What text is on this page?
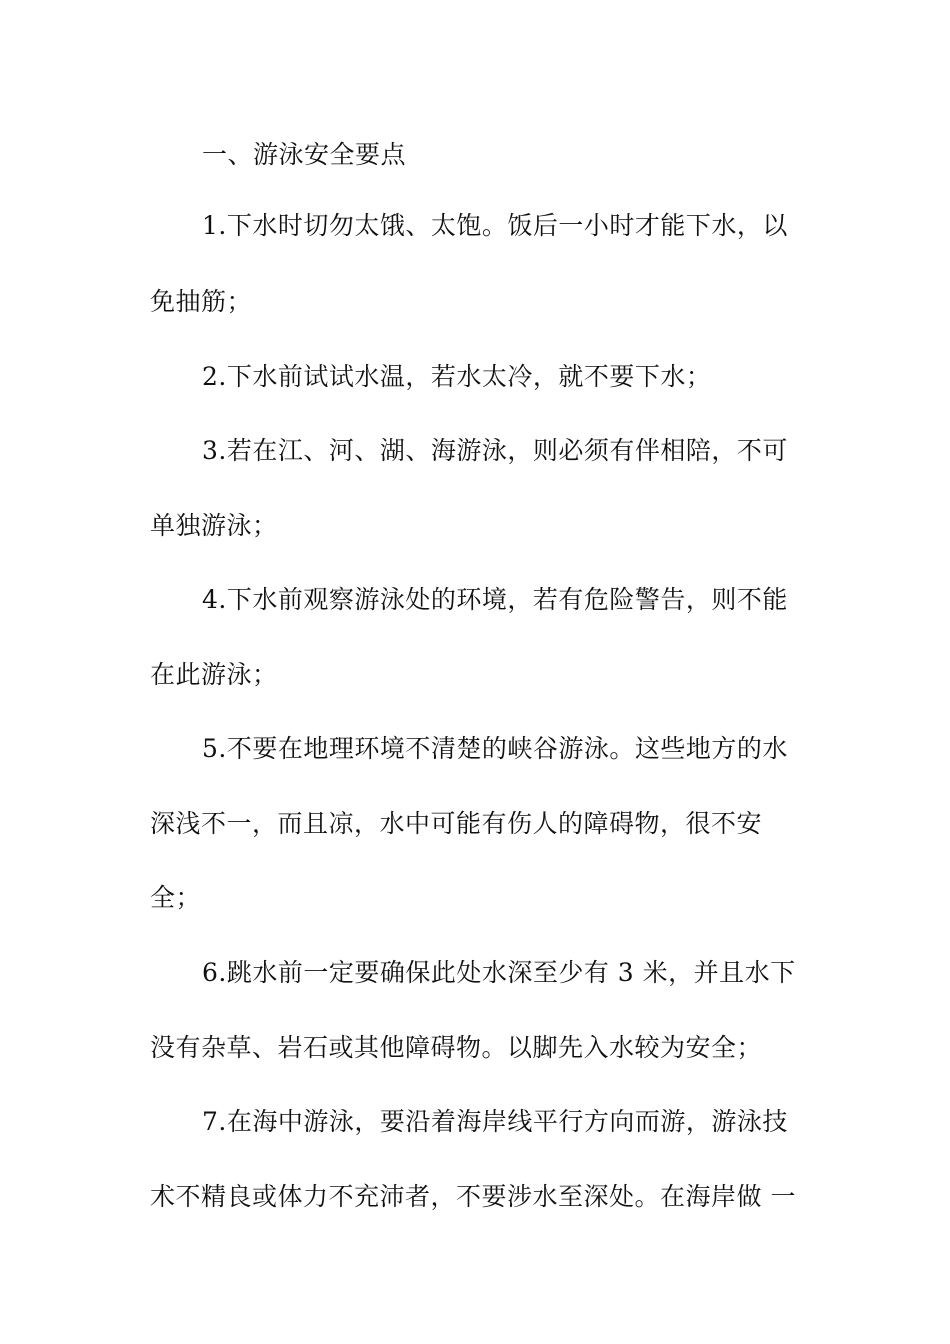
一、游泳安全要点
1.下水时切勿太饿、太饱。饭后一小时才能下水，以
免抽筋；
2.下水前试试水温，若水太冷，就不要下水；
3.若在江、河、湖、海游泳，则必须有伴相陪，不可
单独游泳；
4.下水前观察游泳处的环境，若有危险警告，则不能
在此游泳；
5.不要在地理环境不清楚的峡谷游泳。这些地方的水
深浅不一，而且凉，水中可能有伤人的障碍物，很不安
全；
6.跳水前一定要确保此处水深至少有 3 米，并且水下
没有杂草、岩石或其他障碍物。以脚先入水较为安全；
7.在海中游泳，要沿着海岸线平行方向而游，游泳技
术不精良或体力不充沛者，不要涉水至深处。在海岸做 一
